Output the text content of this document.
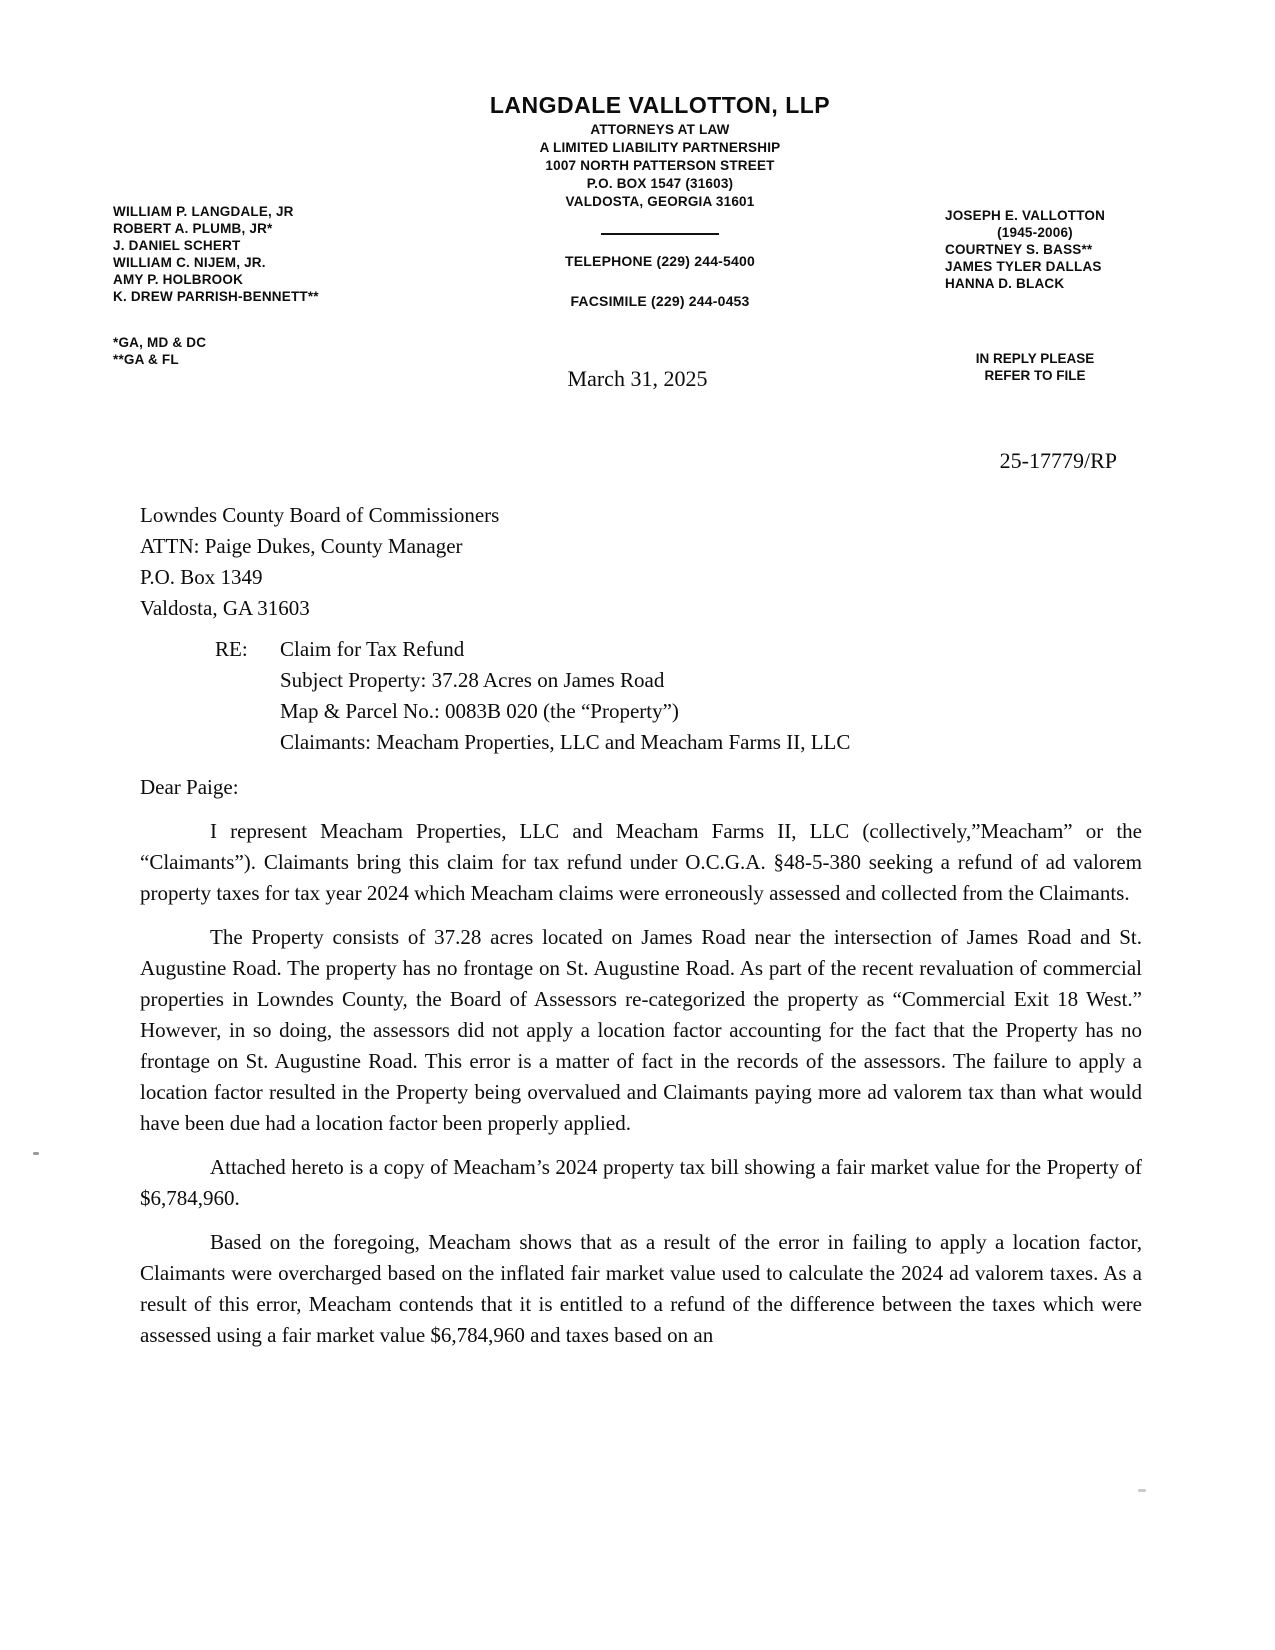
LANGDALE VALLOTTON, LLP
ATTORNEYS AT LAW
A LIMITED LIABILITY PARTNERSHIP
1007 NORTH PATTERSON STREET
P.O. BOX 1547 (31603)
VALDOSTA, GEORGIA 31601
TELEPHONE (229) 244-5400
FACSIMILE (229) 244-0453
WILLIAM P. LANGDALE, JR
ROBERT A. PLUMB, JR*
J. DANIEL SCHERT
WILLIAM C. NIJEM, JR.
AMY P. HOLBROOK
K. DREW PARRISH-BENNETT**
*GA, MD & DC
**GA & FL
JOSEPH E. VALLOTTON
(1945-2006)
COURTNEY S. BASS**
JAMES TYLER DALLAS
HANNA D. BLACK
IN REPLY PLEASE
REFER TO FILE
March 31, 2025
25-17779/RP
Lowndes County Board of Commissioners
ATTN: Paige Dukes, County Manager
P.O. Box 1349
Valdosta, GA 31603
RE:	Claim for Tax Refund
Subject Property: 37.28 Acres on James Road
Map & Parcel No.: 0083B 020 (the “Property”)
Claimants: Meacham Properties, LLC and Meacham Farms II, LLC
Dear Paige:

I represent Meacham Properties, LLC and Meacham Farms II, LLC (collectively,”Meacham” or the “Claimants”). Claimants bring this claim for tax refund under O.C.G.A. §48-5-380 seeking a refund of ad valorem property taxes for tax year 2024 which Meacham claims were erroneously assessed and collected from the Claimants.

The Property consists of 37.28 acres located on James Road near the intersection of James Road and St. Augustine Road. The property has no frontage on St. Augustine Road. As part of the recent revaluation of commercial properties in Lowndes County, the Board of Assessors re-categorized the property as “Commercial Exit 18 West.” However, in so doing, the assessors did not apply a location factor accounting for the fact that the Property has no frontage on St. Augustine Road. This error is a matter of fact in the records of the assessors. The failure to apply a location factor resulted in the Property being overvalued and Claimants paying more ad valorem tax than what would have been due had a location factor been properly applied.

Attached hereto is a copy of Meacham’s 2024 property tax bill showing a fair market value for the Property of $6,784,960.

Based on the foregoing, Meacham shows that as a result of the error in failing to apply a location factor, Claimants were overcharged based on the inflated fair market value used to calculate the 2024 ad valorem taxes. As a result of this error, Meacham contends that it is entitled to a refund of the difference between the taxes which were assessed using a fair market value $6,784,960 and taxes based on an
